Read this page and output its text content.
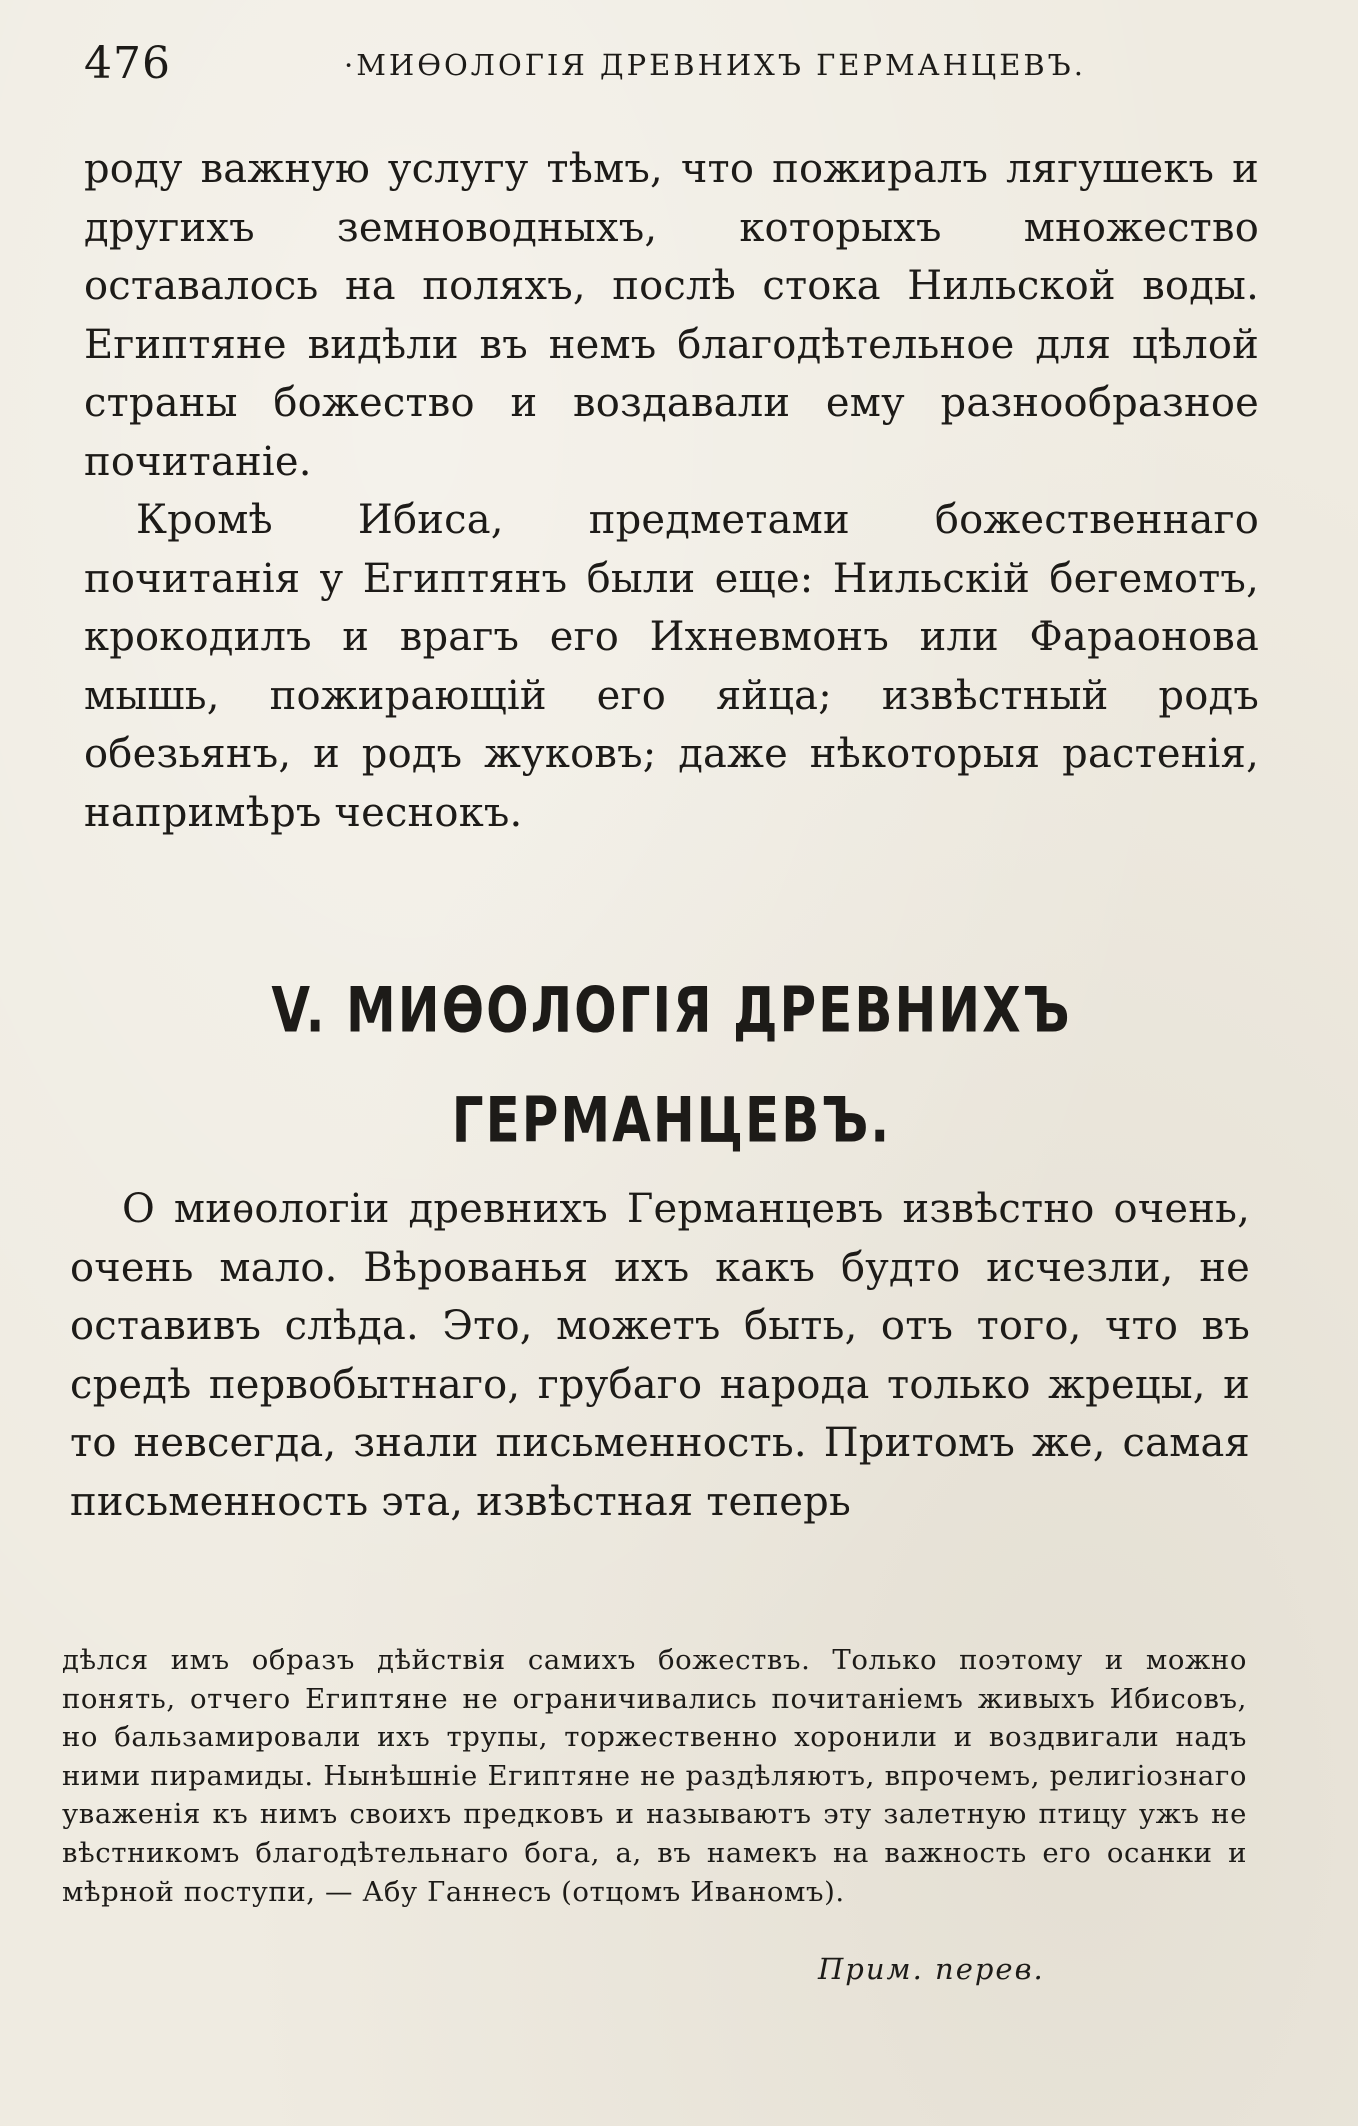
476	·МИѲОЛОГІЯ ДРЕВНИХЪ ГЕРМАНЦЕВЪ.

роду важную услугу тѣмъ, что пожиралъ лягушекъ и другихъ земноводныхъ, которыхъ множество оставалось на поляхъ, послѣ стока Нильской воды. Египтяне видѣли въ немъ благодѣтельное для цѣлой страны божество и воздавали ему разнообразное почитаніе.

Кромѣ Ибиса, предметами божественнаго почитанія у Египтянъ были еще: Нильскій бегемотъ, крокодилъ и врагъ его Ихневмонъ или Фараонова мышь, пожирающій его яйца; извѣстный родъ обезьянъ, и родъ жуковъ; даже нѣкоторыя растенія, напримѣръ чеснокъ.

V. МИѲОЛОГІЯ ДРЕВНИХЪ ГЕРМАНЦЕВЪ.

О миѳологіи древнихъ Германцевъ извѣстно очень, очень мало. Вѣрованья ихъ какъ будто исчезли, не оставивъ слѣда. Это, можетъ быть, отъ того, что въ средѣ первобытнаго, грубаго народа только жрецы, и то невсегда, знали письменность. Притомъ же, самая письменность эта, извѣстная теперь

дѣлся имъ образъ дѣйствія самихъ божествъ. Только поэтому и можно понять, отчего Египтяне не ограничивались почитаніемъ живыхъ Ибисовъ, но бальзамировали ихъ трупы, торжественно хоронили и воздвигали надъ ними пирамиды. Нынѣшніе Египтяне не раздѣляютъ, впрочемъ, религіознаго уваженія къ нимъ своихъ предковъ и называютъ эту залетную птицу ужъ не вѣстникомъ благодѣтельнаго бога, а, въ намекъ на важность его осанки и мѣрной поступи, — Абу Ганнесъ (отцомъ Иваномъ).

Прим. перев.
